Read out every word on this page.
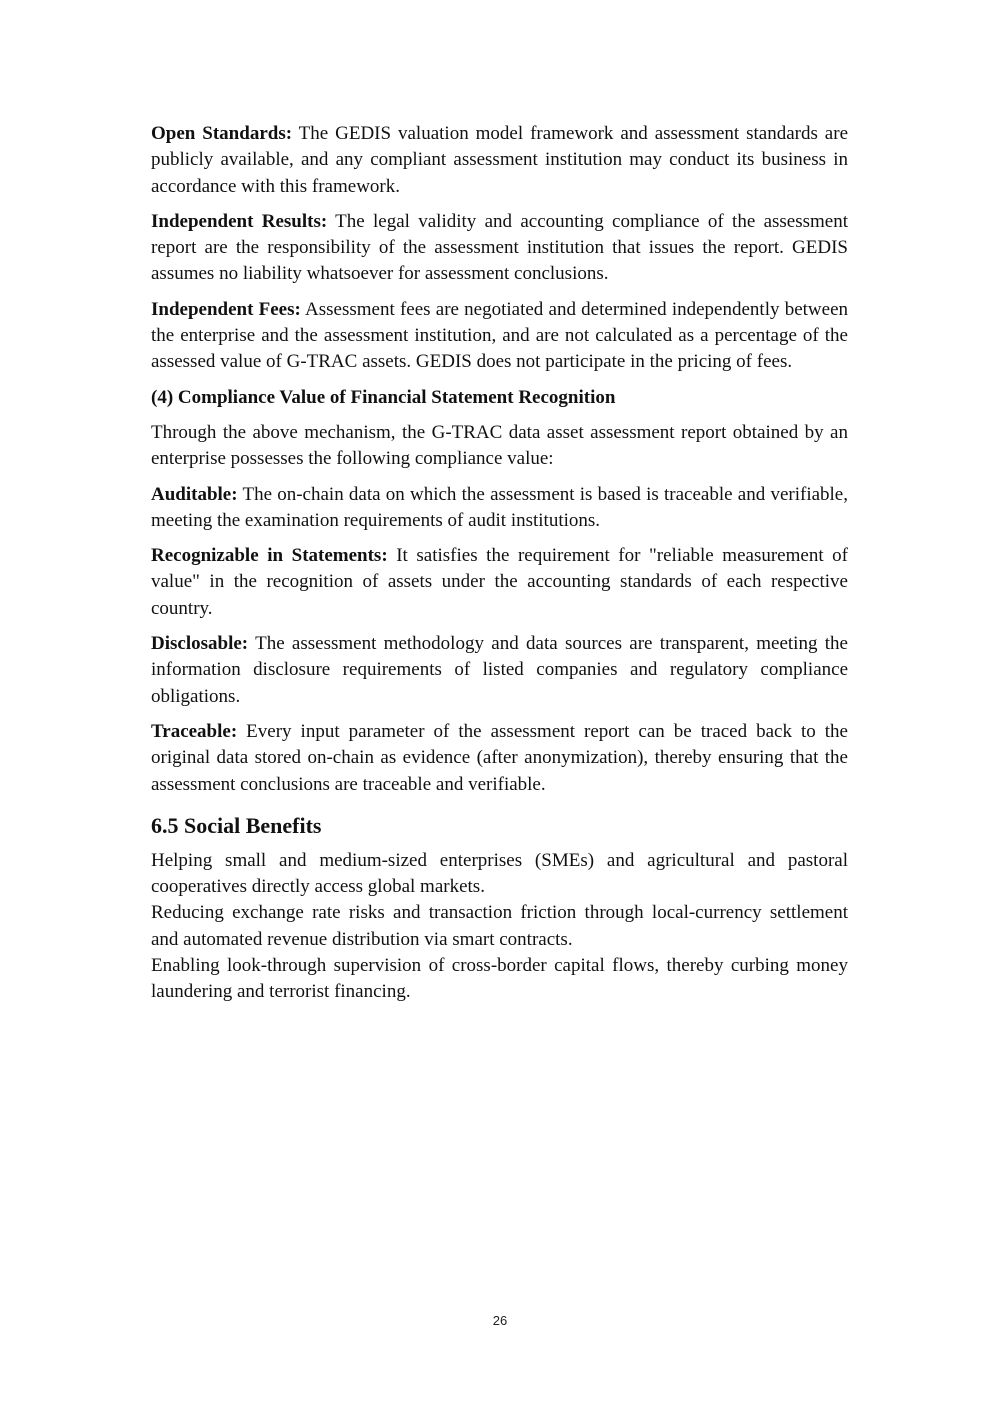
Open Standards: The GEDIS valuation model framework and assessment standards are publicly available, and any compliant assessment institution may conduct its business in accordance with this framework.

Independent Results: The legal validity and accounting compliance of the assessment report are the responsibility of the assessment institution that issues the report. GEDIS assumes no liability whatsoever for assessment conclusions.

Independent Fees: Assessment fees are negotiated and determined independently between the enterprise and the assessment institution, and are not calculated as a percentage of the assessed value of G-TRAC assets. GEDIS does not participate in the pricing of fees.

(4) Compliance Value of Financial Statement Recognition

Through the above mechanism, the G-TRAC data asset assessment report obtained by an enterprise possesses the following compliance value:

Auditable: The on-chain data on which the assessment is based is traceable and verifiable, meeting the examination requirements of audit institutions.

Recognizable in Statements: It satisfies the requirement for "reliable measurement of value" in the recognition of assets under the accounting standards of each respective country.

Disclosable: The assessment methodology and data sources are transparent, meeting the information disclosure requirements of listed companies and regulatory compliance obligations.

Traceable: Every input parameter of the assessment report can be traced back to the original data stored on-chain as evidence (after anonymization), thereby ensuring that the assessment conclusions are traceable and verifiable.

6.5 Social Benefits

Helping small and medium-sized enterprises (SMEs) and agricultural and pastoral cooperatives directly access global markets.

Reducing exchange rate risks and transaction friction through local-currency settlement and automated revenue distribution via smart contracts.

Enabling look-through supervision of cross-border capital flows, thereby curbing money laundering and terrorist financing.

26
